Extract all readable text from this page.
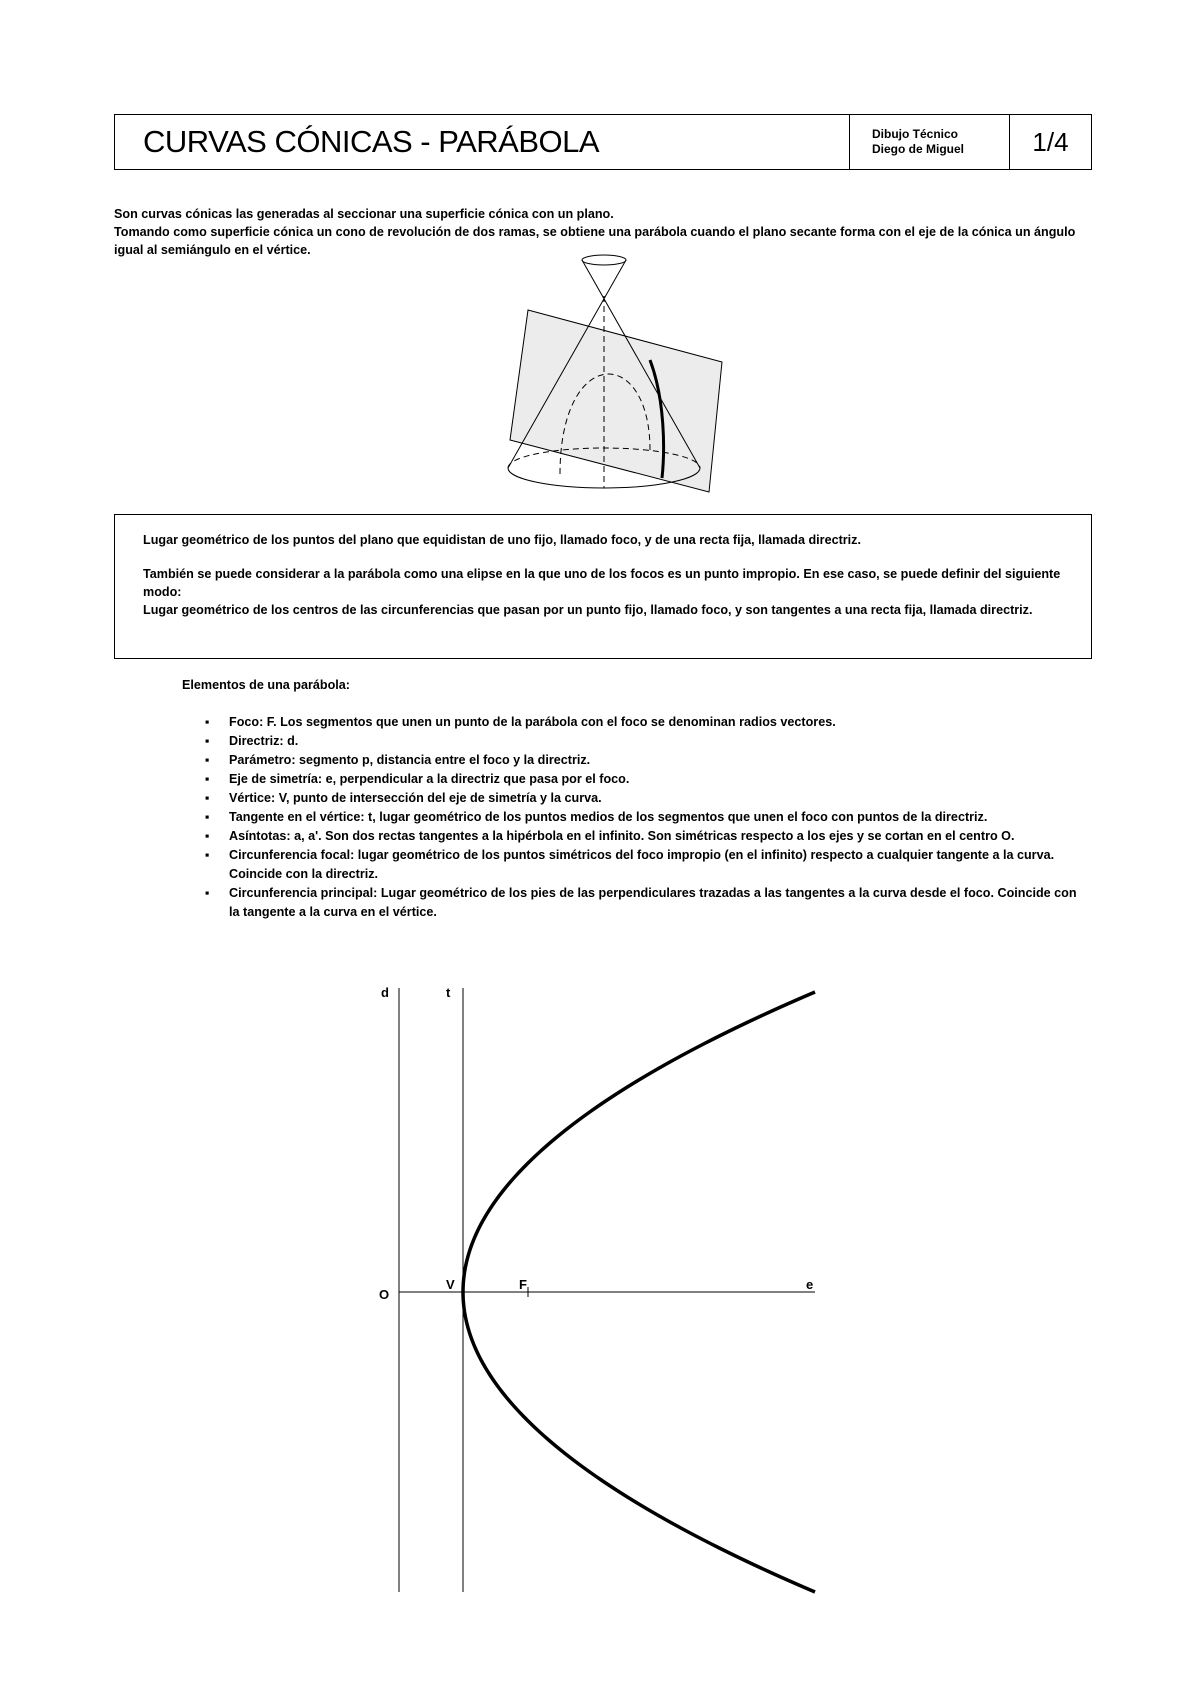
CURVAS CÓNICAS - PARÁBOLA	Dibujo Técnico
Diego de Miguel	1/4

Son curvas cónicas las generadas al seccionar una superficie cónica con un plano.

Tomando como superficie cónica un cono de revolución de dos ramas, se obtiene una parábola cuando el plano secante forma con el eje de la cónica un ángulo igual al semiángulo en el vértice.

Lugar geométrico de los puntos del plano que equidistan de uno fijo, llamado foco, y de una recta fija, llamada directriz.

También se puede considerar a la parábola como una elipse en la que uno de los focos es un punto impropio. En ese caso, se puede definir del siguiente modo:

Lugar geométrico de los centros de las circunferencias que pasan por un punto fijo, llamado foco, y son tangentes a una recta fija, llamada directriz.

Elementos de una parábola:
▪ Foco: F. Los segmentos que unen un punto de la parábola con el foco se denominan radios vectores.
▪ Directriz: d.
▪ Parámetro: segmento p, distancia entre el foco y la directriz.
▪ Eje de simetría: e, perpendicular a la directriz que pasa por el foco.
▪ Vértice: V, punto de intersección del eje de simetría y la curva.
▪ Tangente en el vértice: t, lugar geométrico de los puntos medios de los segmentos que unen el foco con puntos de la directriz.
▪ Asíntotas: a, a'. Son dos rectas tangentes a la hipérbola en el infinito. Son simétricas respecto a los ejes y se cortan en el centro O.
▪ Circunferencia focal: lugar geométrico de los puntos simétricos del foco impropio (en el infinito) respecto a cualquier tangente a la curva. Coincide con la directriz.
▪ Circunferencia principal: Lugar geométrico de los pies de las perpendiculares trazadas a las tangentes a la curva desde el foco. Coincide con la tangente a la curva en el vértice.
d	t
O
V	F	e
